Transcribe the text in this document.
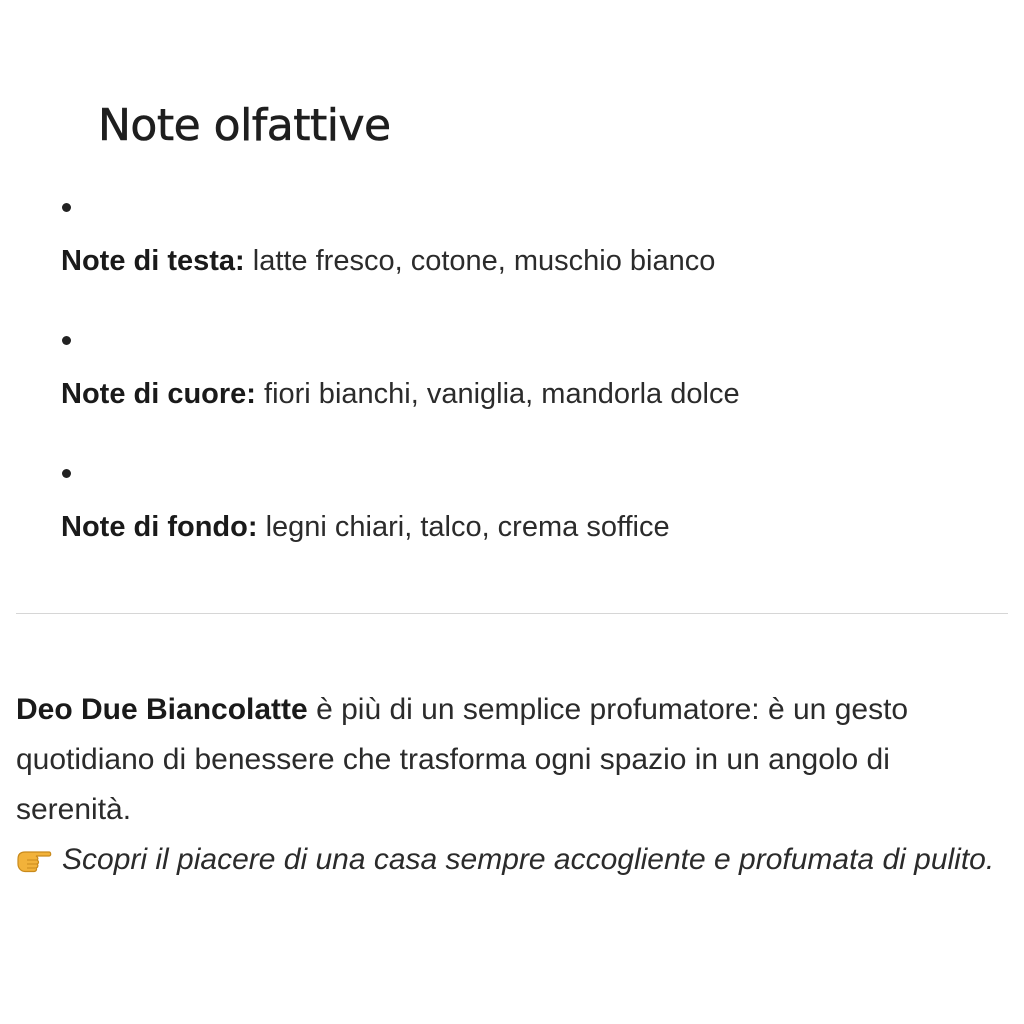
Note olfattive
Note di testa: latte fresco, cotone, muschio bianco
Note di cuore: fiori bianchi, vaniglia, mandorla dolce
Note di fondo: legni chiari, talco, crema soffice

Deo Due Biancolatte è più di un semplice profumatore: è un gesto quotidiano di benessere che trasforma ogni spazio in un angolo di serenità.

Scopri il piacere di una casa sempre accogliente e profumata di pulito.
